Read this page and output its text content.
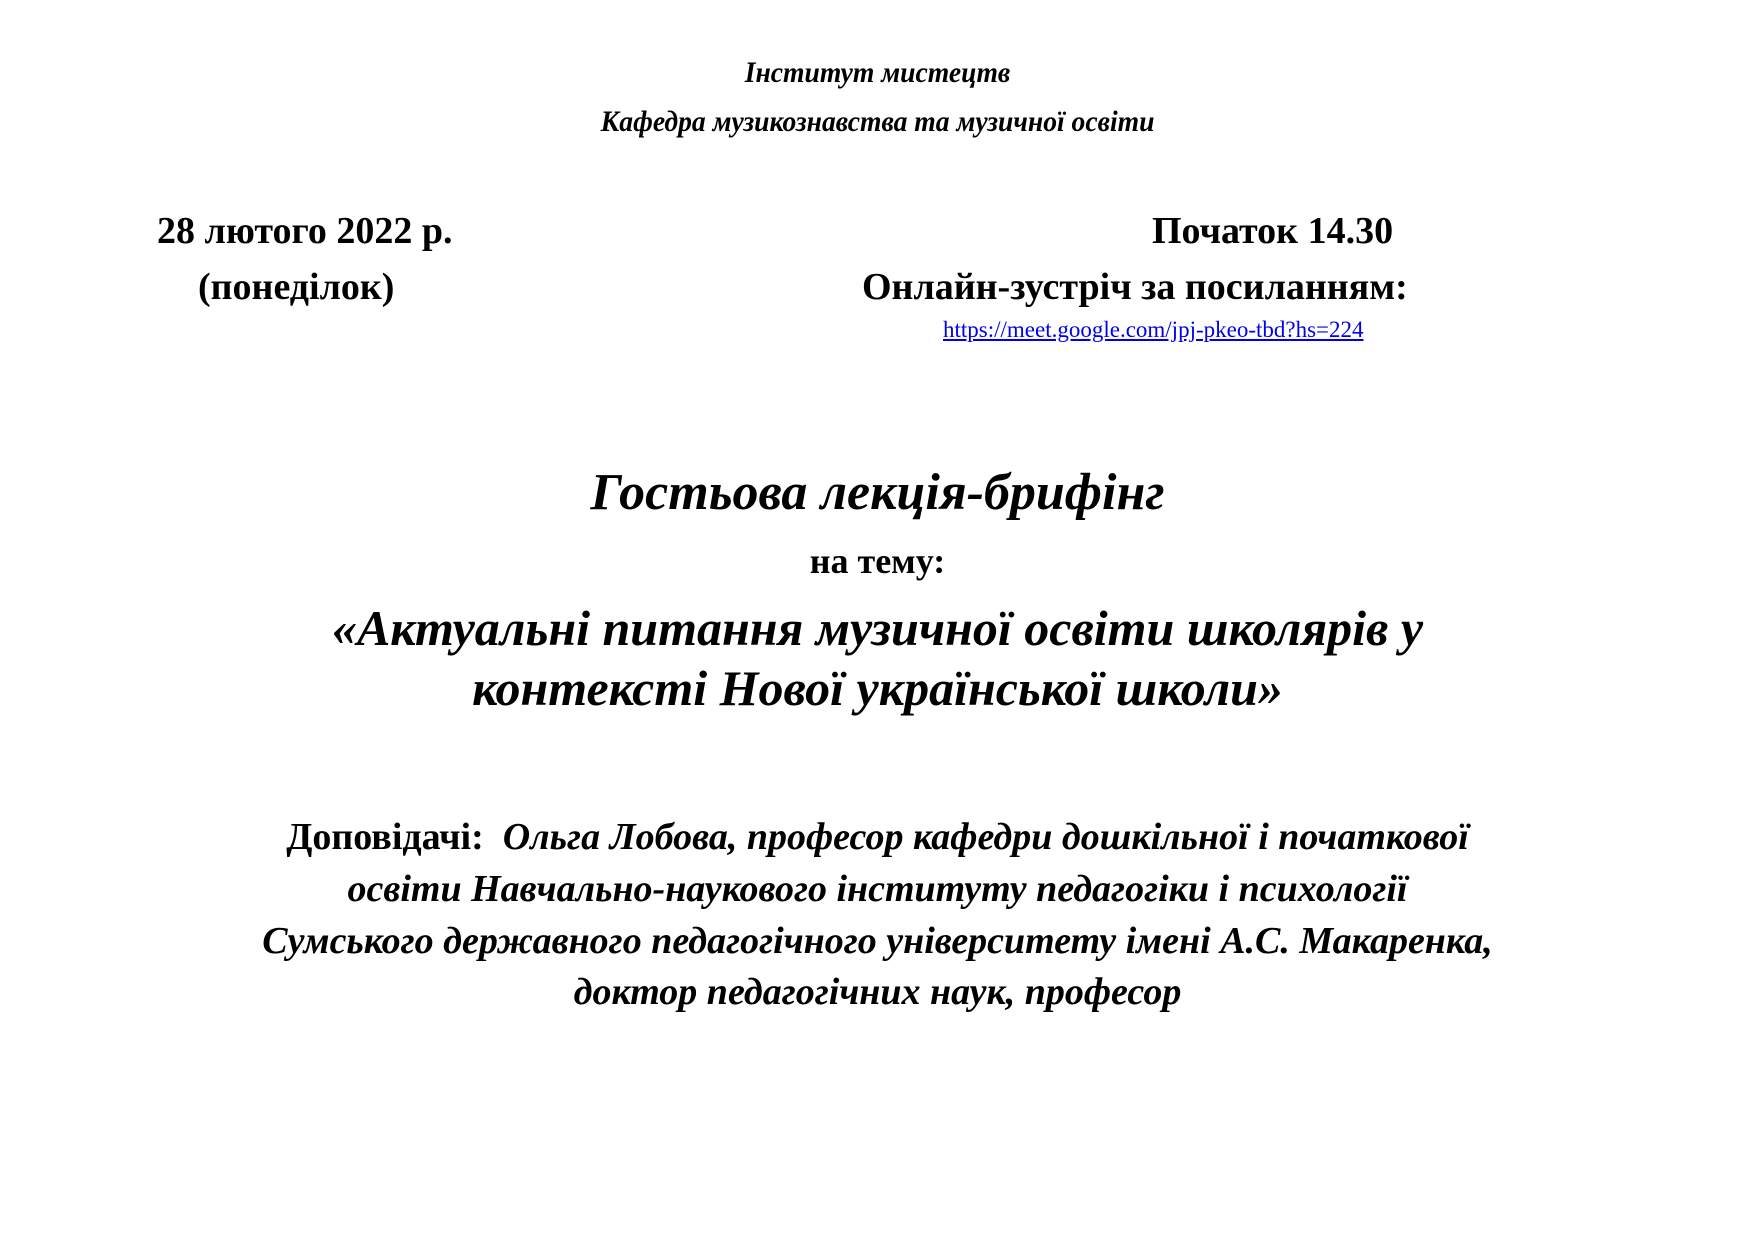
Інститут мистецтв
Кафедра музикознавства та музичної освіти
28 лютого 2022 р.
(понеділок)
Початок 14.30
Онлайн-зустріч за посиланням:
https://meet.google.com/jpj-pkeo-tbd?hs=224
Гостьова лекція-брифінг
на тему:
«Актуальні питання музичної освіти школярів у
контексті Нової української школи»
Доповідачі: Ольга Лобова, професор кафедри дошкільної і початкової
освіти Навчально-наукового інституту педагогіки і психології
Сумського державного педагогічного університету імені А.С. Макаренка,
доктор педагогічних наук, професор
